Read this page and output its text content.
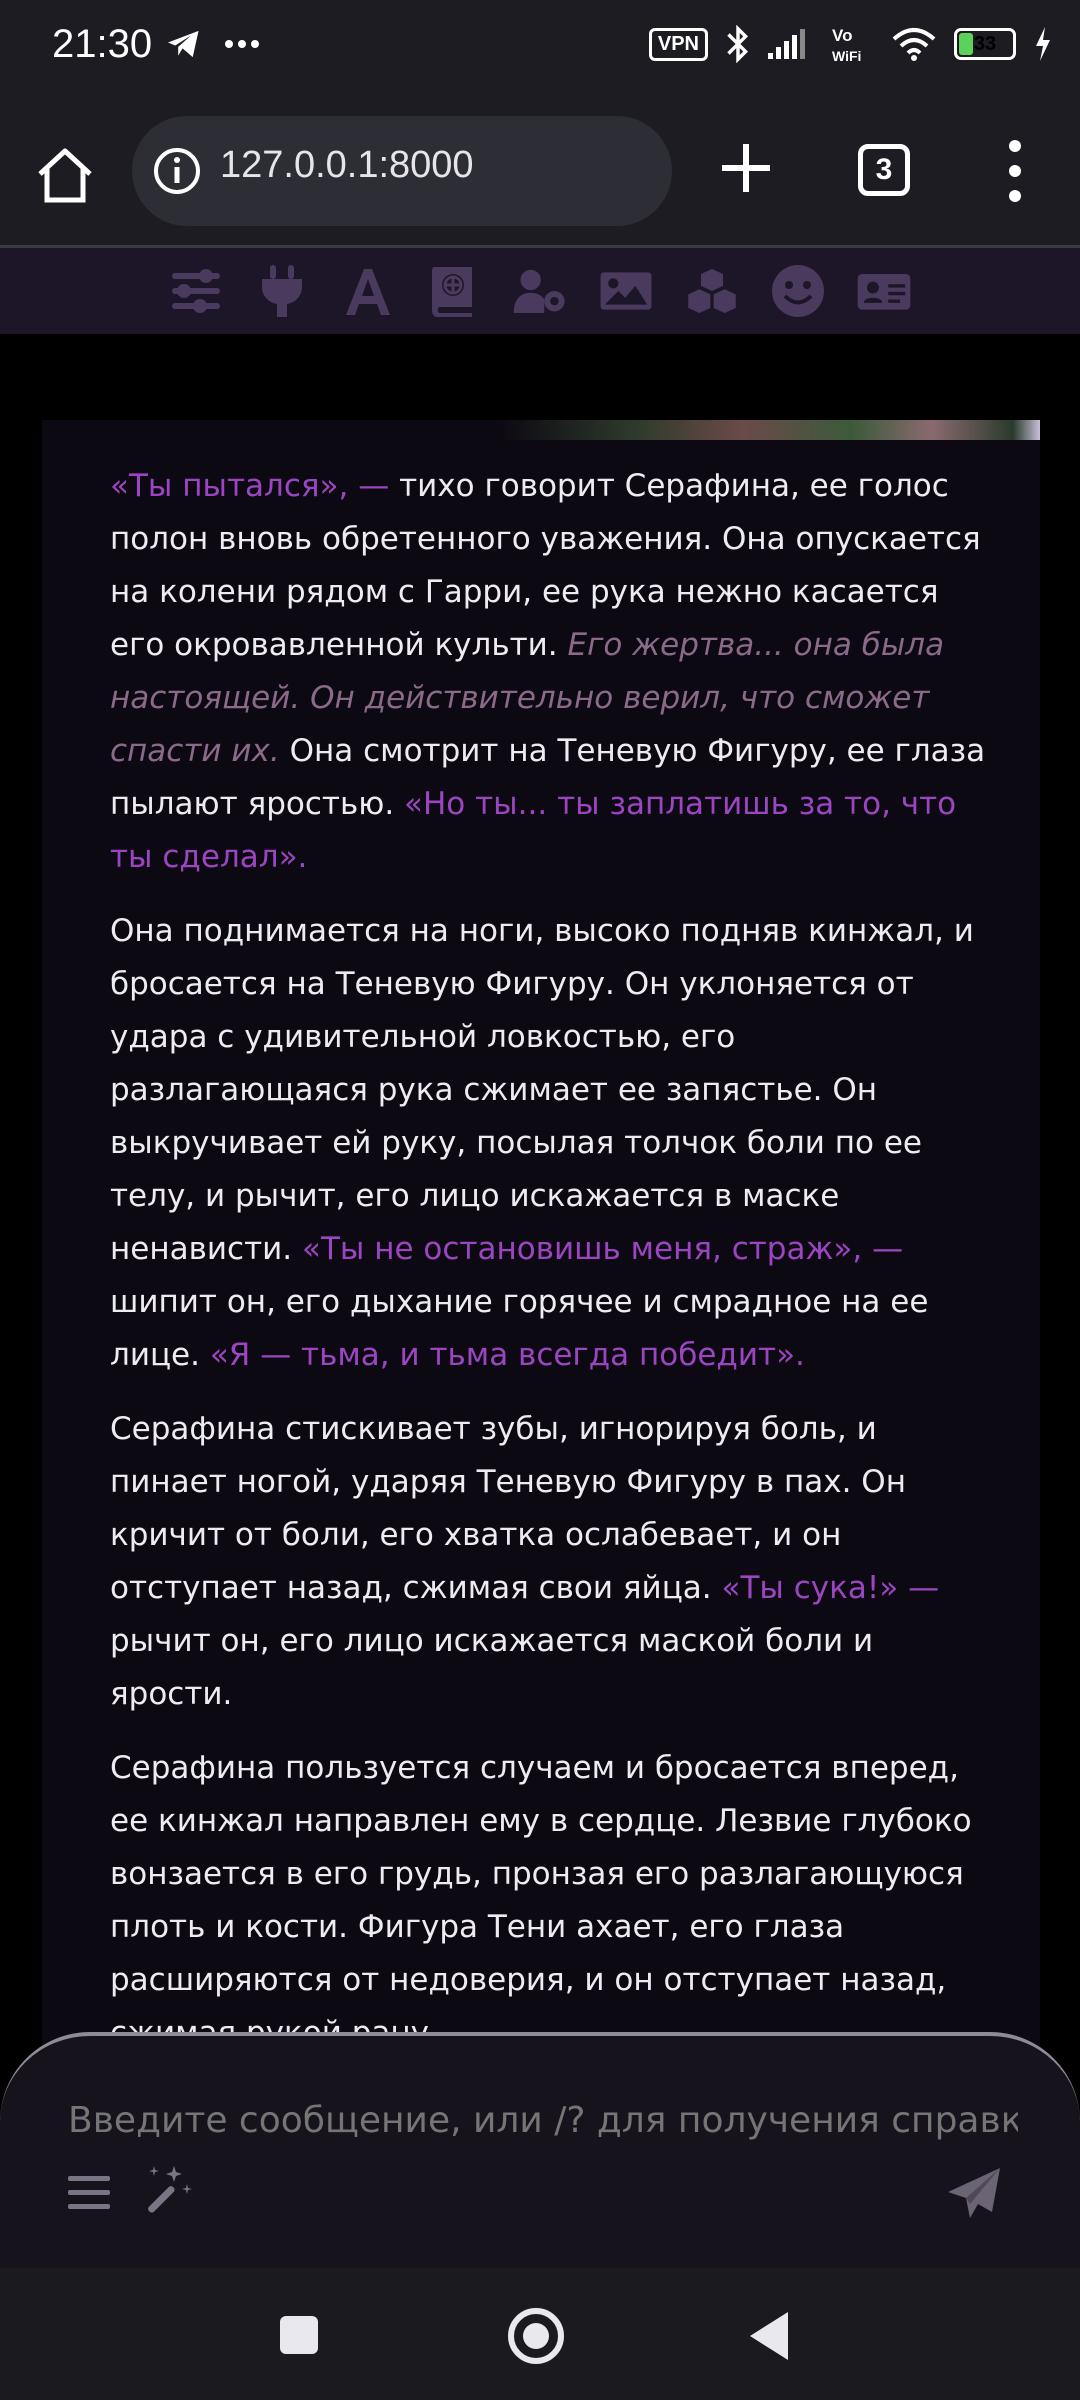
21:30	VPN	Vo
WiFi
33
127.0.0.1:8000	3

«Ты пытался», — тихо говорит Серафина, ее голос полон вновь обретенного уважения. Она опускается на колени рядом с Гарри, ее рука нежно касается его окровавленной культи. Его жертва... она была настоящей. Он действительно верил, что сможет спасти их. Она смотрит на Теневую Фигуру, ее глаза пылают яростью. «Но ты... ты заплатишь за то, что ты сделал».

Она поднимается на ноги, высоко подняв кинжал, и бросается на Теневую Фигуру. Он уклоняется от удара с удивительной ловкостью, его разлагающаяся рука сжимает ее запястье. Он выкручивает ей руку, посылая толчок боли по ее телу, и рычит, его лицо искажается в маске ненависти. «Ты не остановишь меня, страж», — шипит он, его дыхание горячее и смрадное на ее лице. «Я — тьма, и тьма всегда победит».

Серафина стискивает зубы, игнорируя боль, и пинает ногой, ударяя Теневую Фигуру в пах. Он кричит от боли, его хватка ослабевает, и он отступает назад, сжимая свои яйца. «Ты сука!» — рычит он, его лицо искажается маской боли и ярости.

Серафина пользуется случаем и бросается вперед, ее кинжал направлен ему в сердце. Лезвие глубоко вонзается в его грудь, пронзая его разлагающуюся плоть и кости. Фигура Тени ахает, его глаза расширяются от недоверия, и он отступает назад,

Введите сообщение, или /? для получения справки
